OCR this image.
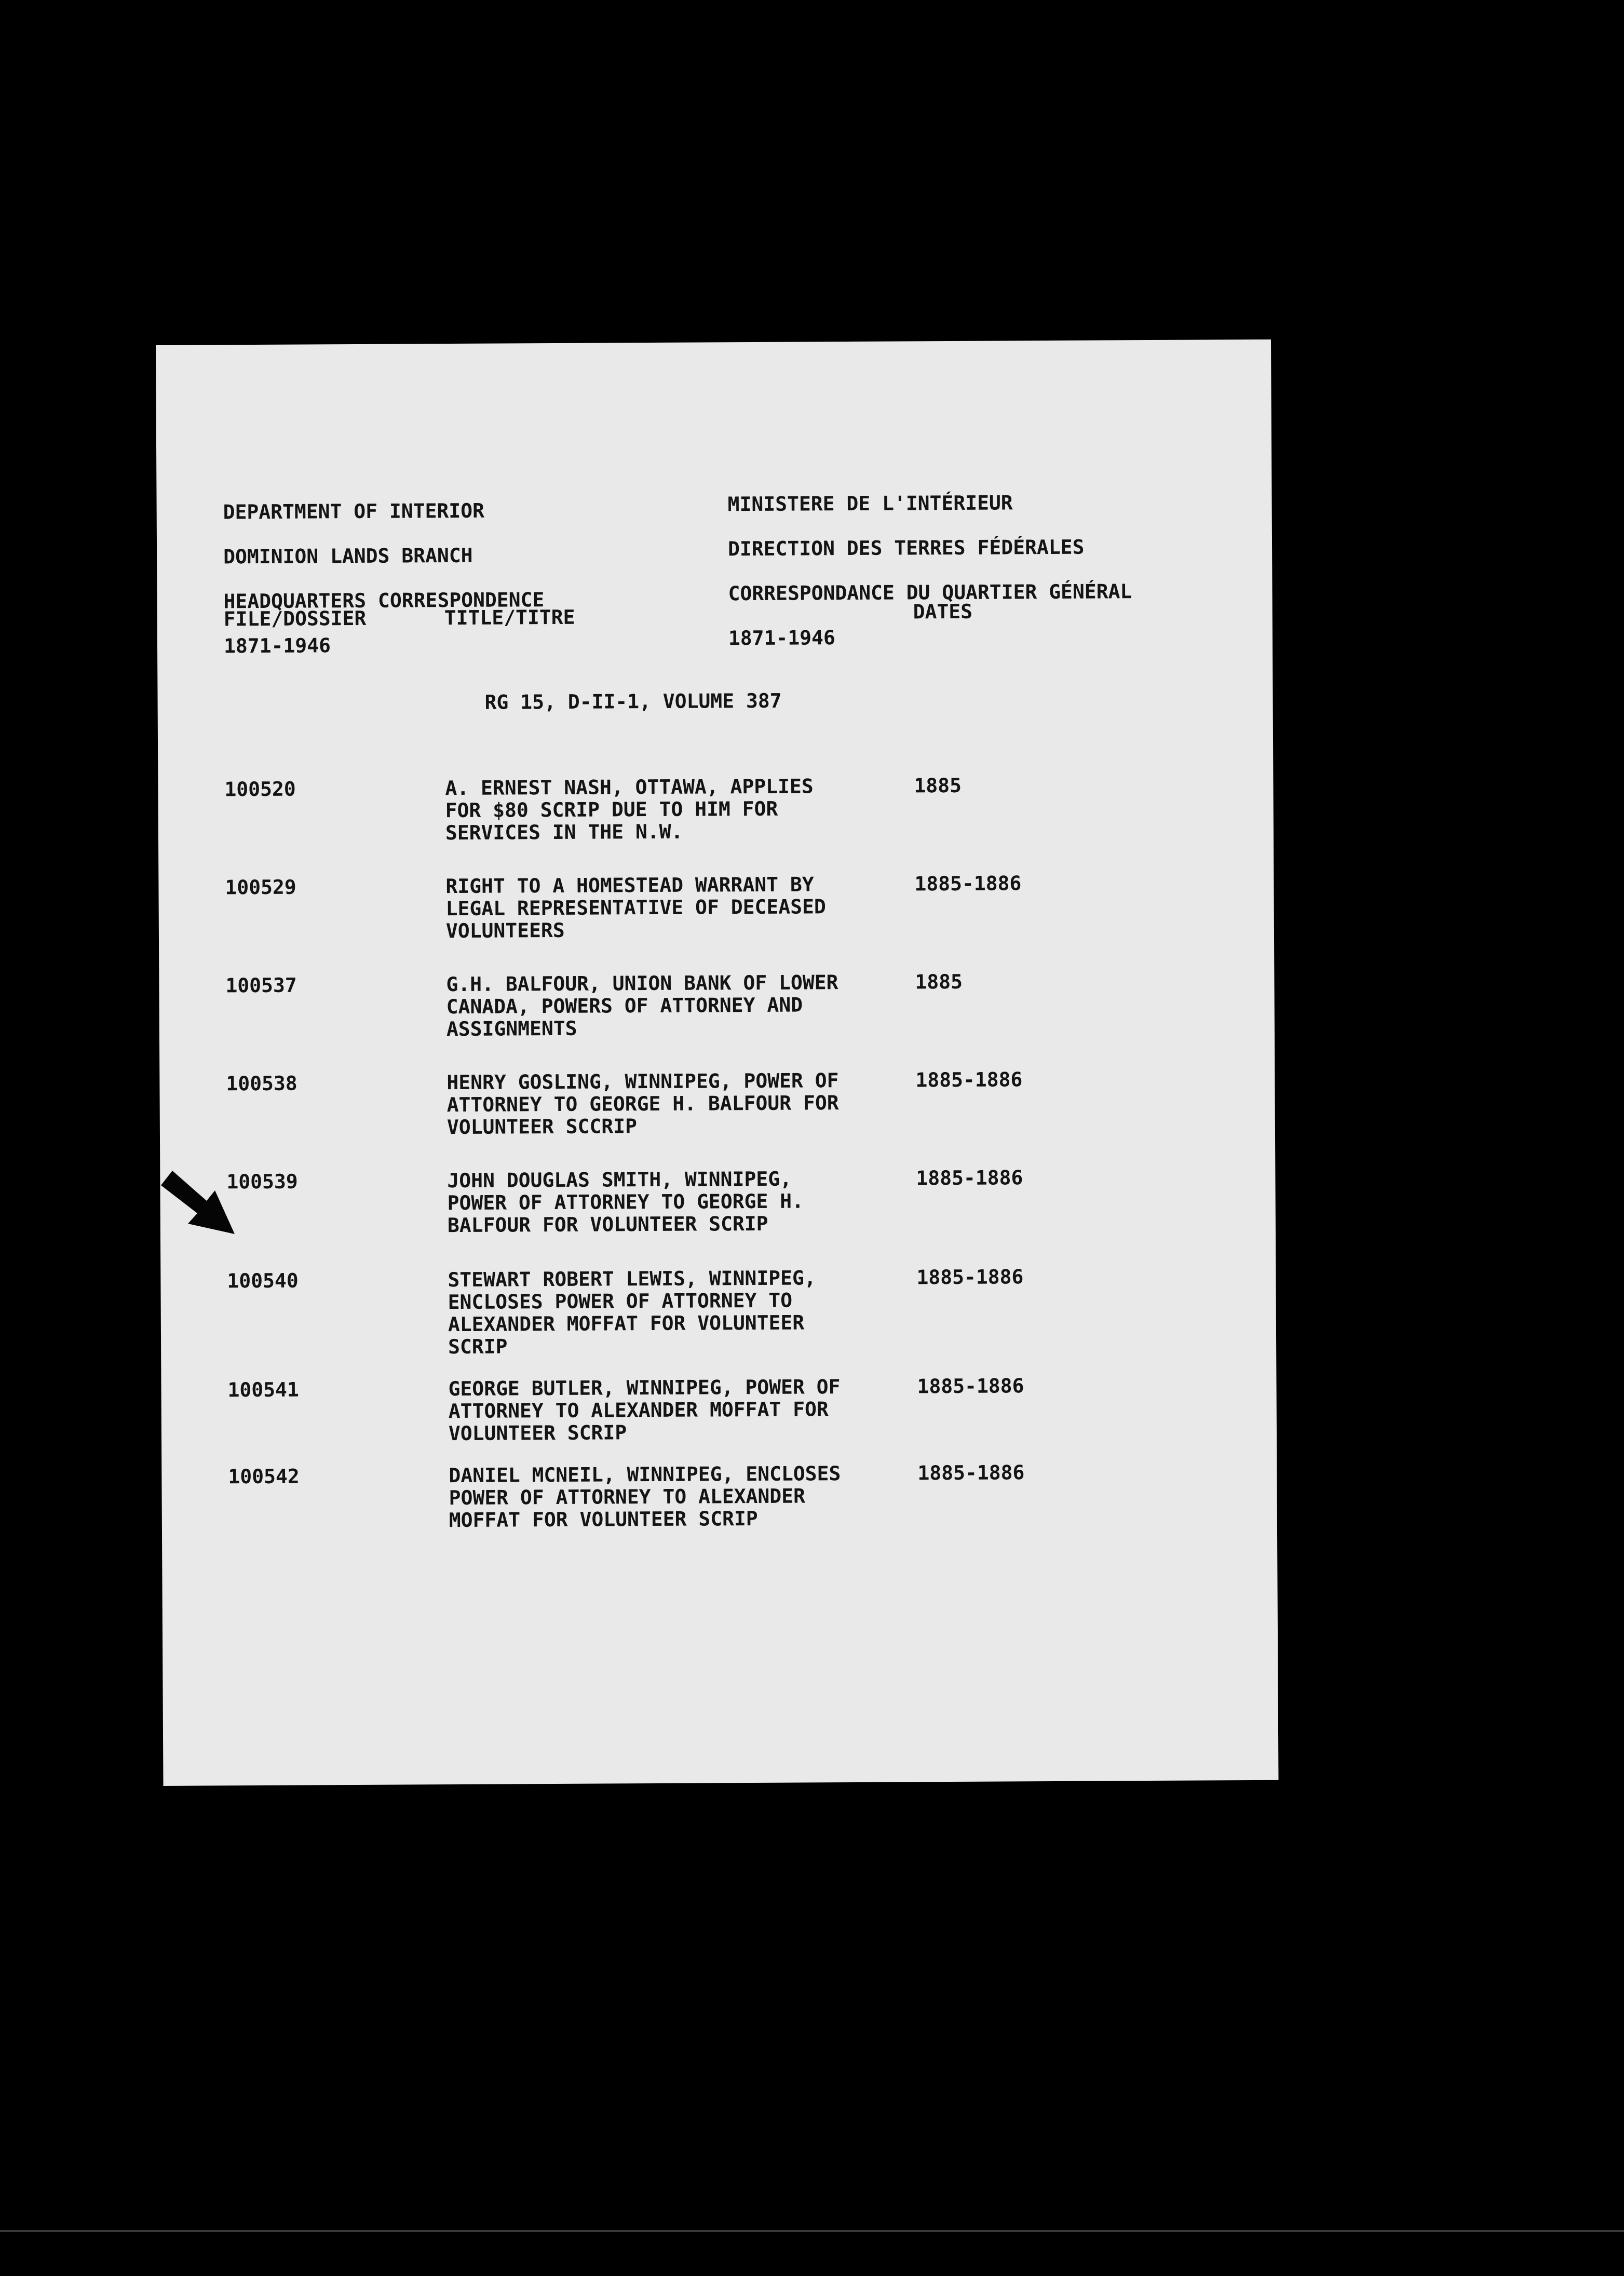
DEPARTMENT OF INTERIOR

DOMINION LANDS BRANCH

HEADQUARTERS CORRESPONDENCE

1871-1946

MINISTERE DE L'INTÉRIEUR

DIRECTION DES TERRES FÉDÉRALES

CORRESPONDANCE DU QUARTIER GÉNÉRAL

1871-1946

FILE/DOSSIER	TITLE/TITRE	DATES
RG 15, D-II-1, VOLUME 387
100520	A. ERNEST NASH, OTTAWA, APPLIES
FOR $80 SCRIP DUE TO HIM FOR
SERVICES IN THE N.W.
1885
100529	RIGHT TO A HOMESTEAD WARRANT BY
LEGAL REPRESENTATIVE OF DECEASED
VOLUNTEERS
1885-1886
100537	G.H. BALFOUR, UNION BANK OF LOWER
CANADA, POWERS OF ATTORNEY AND
ASSIGNMENTS
1885
100538	HENRY GOSLING, WINNIPEG, POWER OF
ATTORNEY TO GEORGE H. BALFOUR FOR
VOLUNTEER SCCRIP
1885-1886
100539	JOHN DOUGLAS SMITH, WINNIPEG,
POWER OF ATTORNEY TO GEORGE H.
BALFOUR FOR VOLUNTEER SCRIP
1885-1886
100540	STEWART ROBERT LEWIS, WINNIPEG,
ENCLOSES POWER OF ATTORNEY TO
ALEXANDER MOFFAT FOR VOLUNTEER
SCRIP
1885-1886
100541	GEORGE BUTLER, WINNIPEG, POWER OF
ATTORNEY TO ALEXANDER MOFFAT FOR
VOLUNTEER SCRIP
1885-1886
100542	DANIEL MCNEIL, WINNIPEG, ENCLOSES
POWER OF ATTORNEY TO ALEXANDER
MOFFAT FOR VOLUNTEER SCRIP
1885-1886
